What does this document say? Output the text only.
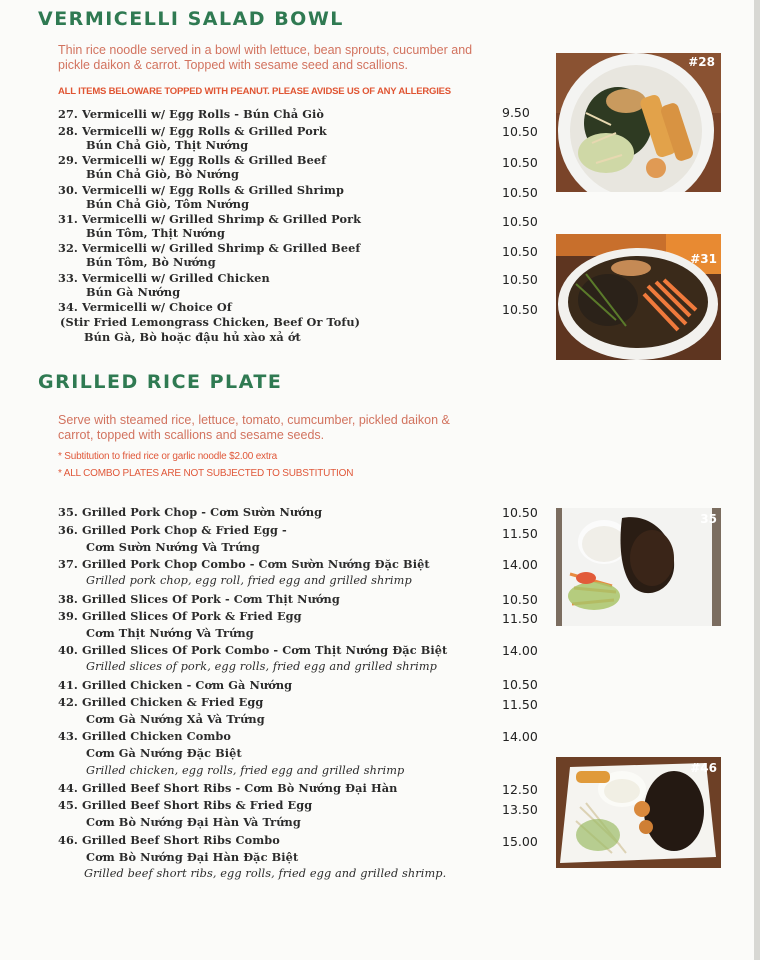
VERMICELLI SALAD BOWL
Thin rice noodle served in a bowl with lettuce, bean sprouts, cucumber and
pickle daikon & carrot. Topped with sesame seed and scallions.
ALL ITEMS BELOWARE TOPPED WITH PEANUT. PLEASE AVIDSE US OF ANY ALLERGIES
27. Vermicelli w/ Egg Rolls - Bún Chả Giò
28. Vermicelli w/ Egg Rolls & Grilled Pork
Bún Chả Giò, Thịt Nướng
29. Vermicelli w/ Egg Rolls & Grilled Beef
Bún Chả Giò, Bò Nướng
30. Vermicelli w/ Egg Rolls & Grilled Shrimp
Bún Chả Giò, Tôm Nướng
31. Vermicelli w/ Grilled Shrimp & Grilled Pork
Bún Tôm, Thịt Nướng
32. Vermicelli w/ Grilled Shrimp & Grilled Beef
Bún Tôm, Bò Nướng
33. Vermicelli w/ Grilled Chicken
Bún Gà Nướng
34. Vermicelli w/ Choice Of
(Stir Fried Lemongrass Chicken, Beef Or Tofu)
Bún Gà, Bò hoặc đậu hủ xào xả ớt
9.50
10.50
10.50
10.50
10.50
10.50
10.50
10.50
#28
#31
GRILLED RICE PLATE
Serve with steamed rice, lettuce, tomato, cumcumber, pickled daikon &
carrot, topped with scallions and sesame seeds.
* Subtitution to fried rice or garlic noodle $2.00 extra
* ALL COMBO PLATES ARE NOT SUBJECTED TO SUBSTITUTION
35. Grilled Pork Chop - Cơm Sườn Nướng
36. Grilled Pork Chop & Fried Egg -
Cơm Sườn Nướng Và Trứng
37. Grilled Pork Chop Combo - Cơm Sườn Nướng Đặc Biệt
Grilled pork chop, egg roll, fried egg and grilled shrimp
38. Grilled Slices Of Pork - Cơm Thịt Nướng
39. Grilled Slices Of Pork & Fried Egg
Cơm Thịt Nướng Và Trứng
40. Grilled Slices Of Pork Combo - Cơm Thịt Nướng Đặc Biệt
Grilled slices of pork, egg rolls, fried egg and grilled shrimp
41. Grilled Chicken - Cơm Gà Nướng
42. Grilled Chicken & Fried Egg
Cơm Gà Nướng Xả Và Trứng
43. Grilled Chicken Combo
Cơm Gà Nướng Đặc Biệt
Grilled chicken, egg rolls, fried egg and grilled shrimp
44. Grilled Beef Short Ribs - Cơm Bò Nướng Đại Hàn
45. Grilled Beef Short Ribs & Fried Egg
Cơm Bò Nướng Đại Hàn Và Trứng
46. Grilled Beef Short Ribs Combo
Cơm Bò Nướng Đại Hàn Đặc Biệt
Grilled beef short ribs, egg rolls, fried egg and grilled shrimp.
10.50
11.50
14.00
10.50
11.50
14.00
10.50
11.50
14.00
12.50
13.50
15.00
35
#46
